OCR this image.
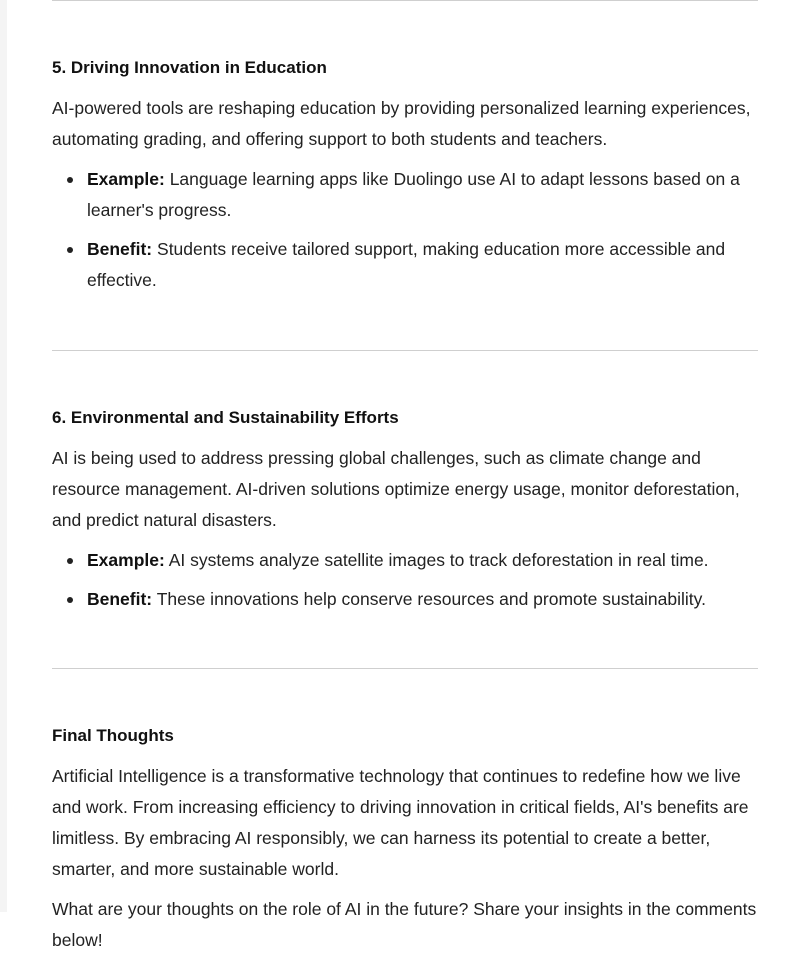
5. Driving Innovation in Education

AI-powered tools are reshaping education by providing personalized learning experiences, automating grading, and offering support to both students and teachers.

Example: Language learning apps like Duolingo use AI to adapt lessons based on a learner's progress.
Benefit: Students receive tailored support, making education more accessible and effective.
6. Environmental and Sustainability Efforts

AI is being used to address pressing global challenges, such as climate change and resource management. AI-driven solutions optimize energy usage, monitor deforestation, and predict natural disasters.

Example: AI systems analyze satellite images to track deforestation in real time.
Benefit: These innovations help conserve resources and promote sustainability.
Final Thoughts

Artificial Intelligence is a transformative technology that continues to redefine how we live and work. From increasing efficiency to driving innovation in critical fields, AI's benefits are limitless. By embracing AI responsibly, we can harness its potential to create a better, smarter, and more sustainable world.

What are your thoughts on the role of AI in the future? Share your insights in the comments below!
